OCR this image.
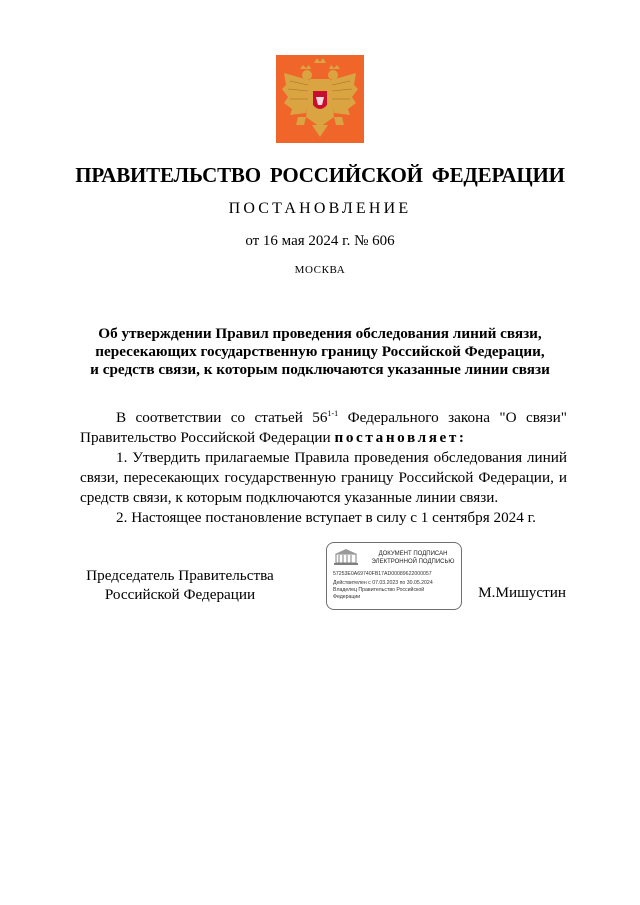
ПРАВИТЕЛЬСТВО РОССИЙСКОЙ ФЕДЕРАЦИИ
ПОСТАНОВЛЕНИЕ
от 16 мая 2024 г. № 606
МОСКВА
Об утверждении Правил проведения обследования линий связи,
пересекающих государственную границу Российской Федерации,
и средств связи, к которым подключаются указанные линии связи

В соответствии со статьей 56$^{1-1}$ Федерального закона "О связи" Правительство Российской Федерации постановляет:

1. Утвердить прилагаемые Правила проведения обследования линий связи, пересекающих государственную границу Российской Федерации, и средств связи, к которым подключаются указанные линии связи.

2. Настоящее постановление вступает в силу с 1 сентября 2024 г.

Председатель Правительства
Российской Федерации
ДОКУМЕНТ ПОДПИСАН
ЭЛЕКТРОННОЙ ПОДПИСЬЮ
57253E0A69740FB17AD00089622000057
Действителен с 07.03.2023 по 30.05.2024
Владелец Правительство Российской
Федерации	М.Мишустин
